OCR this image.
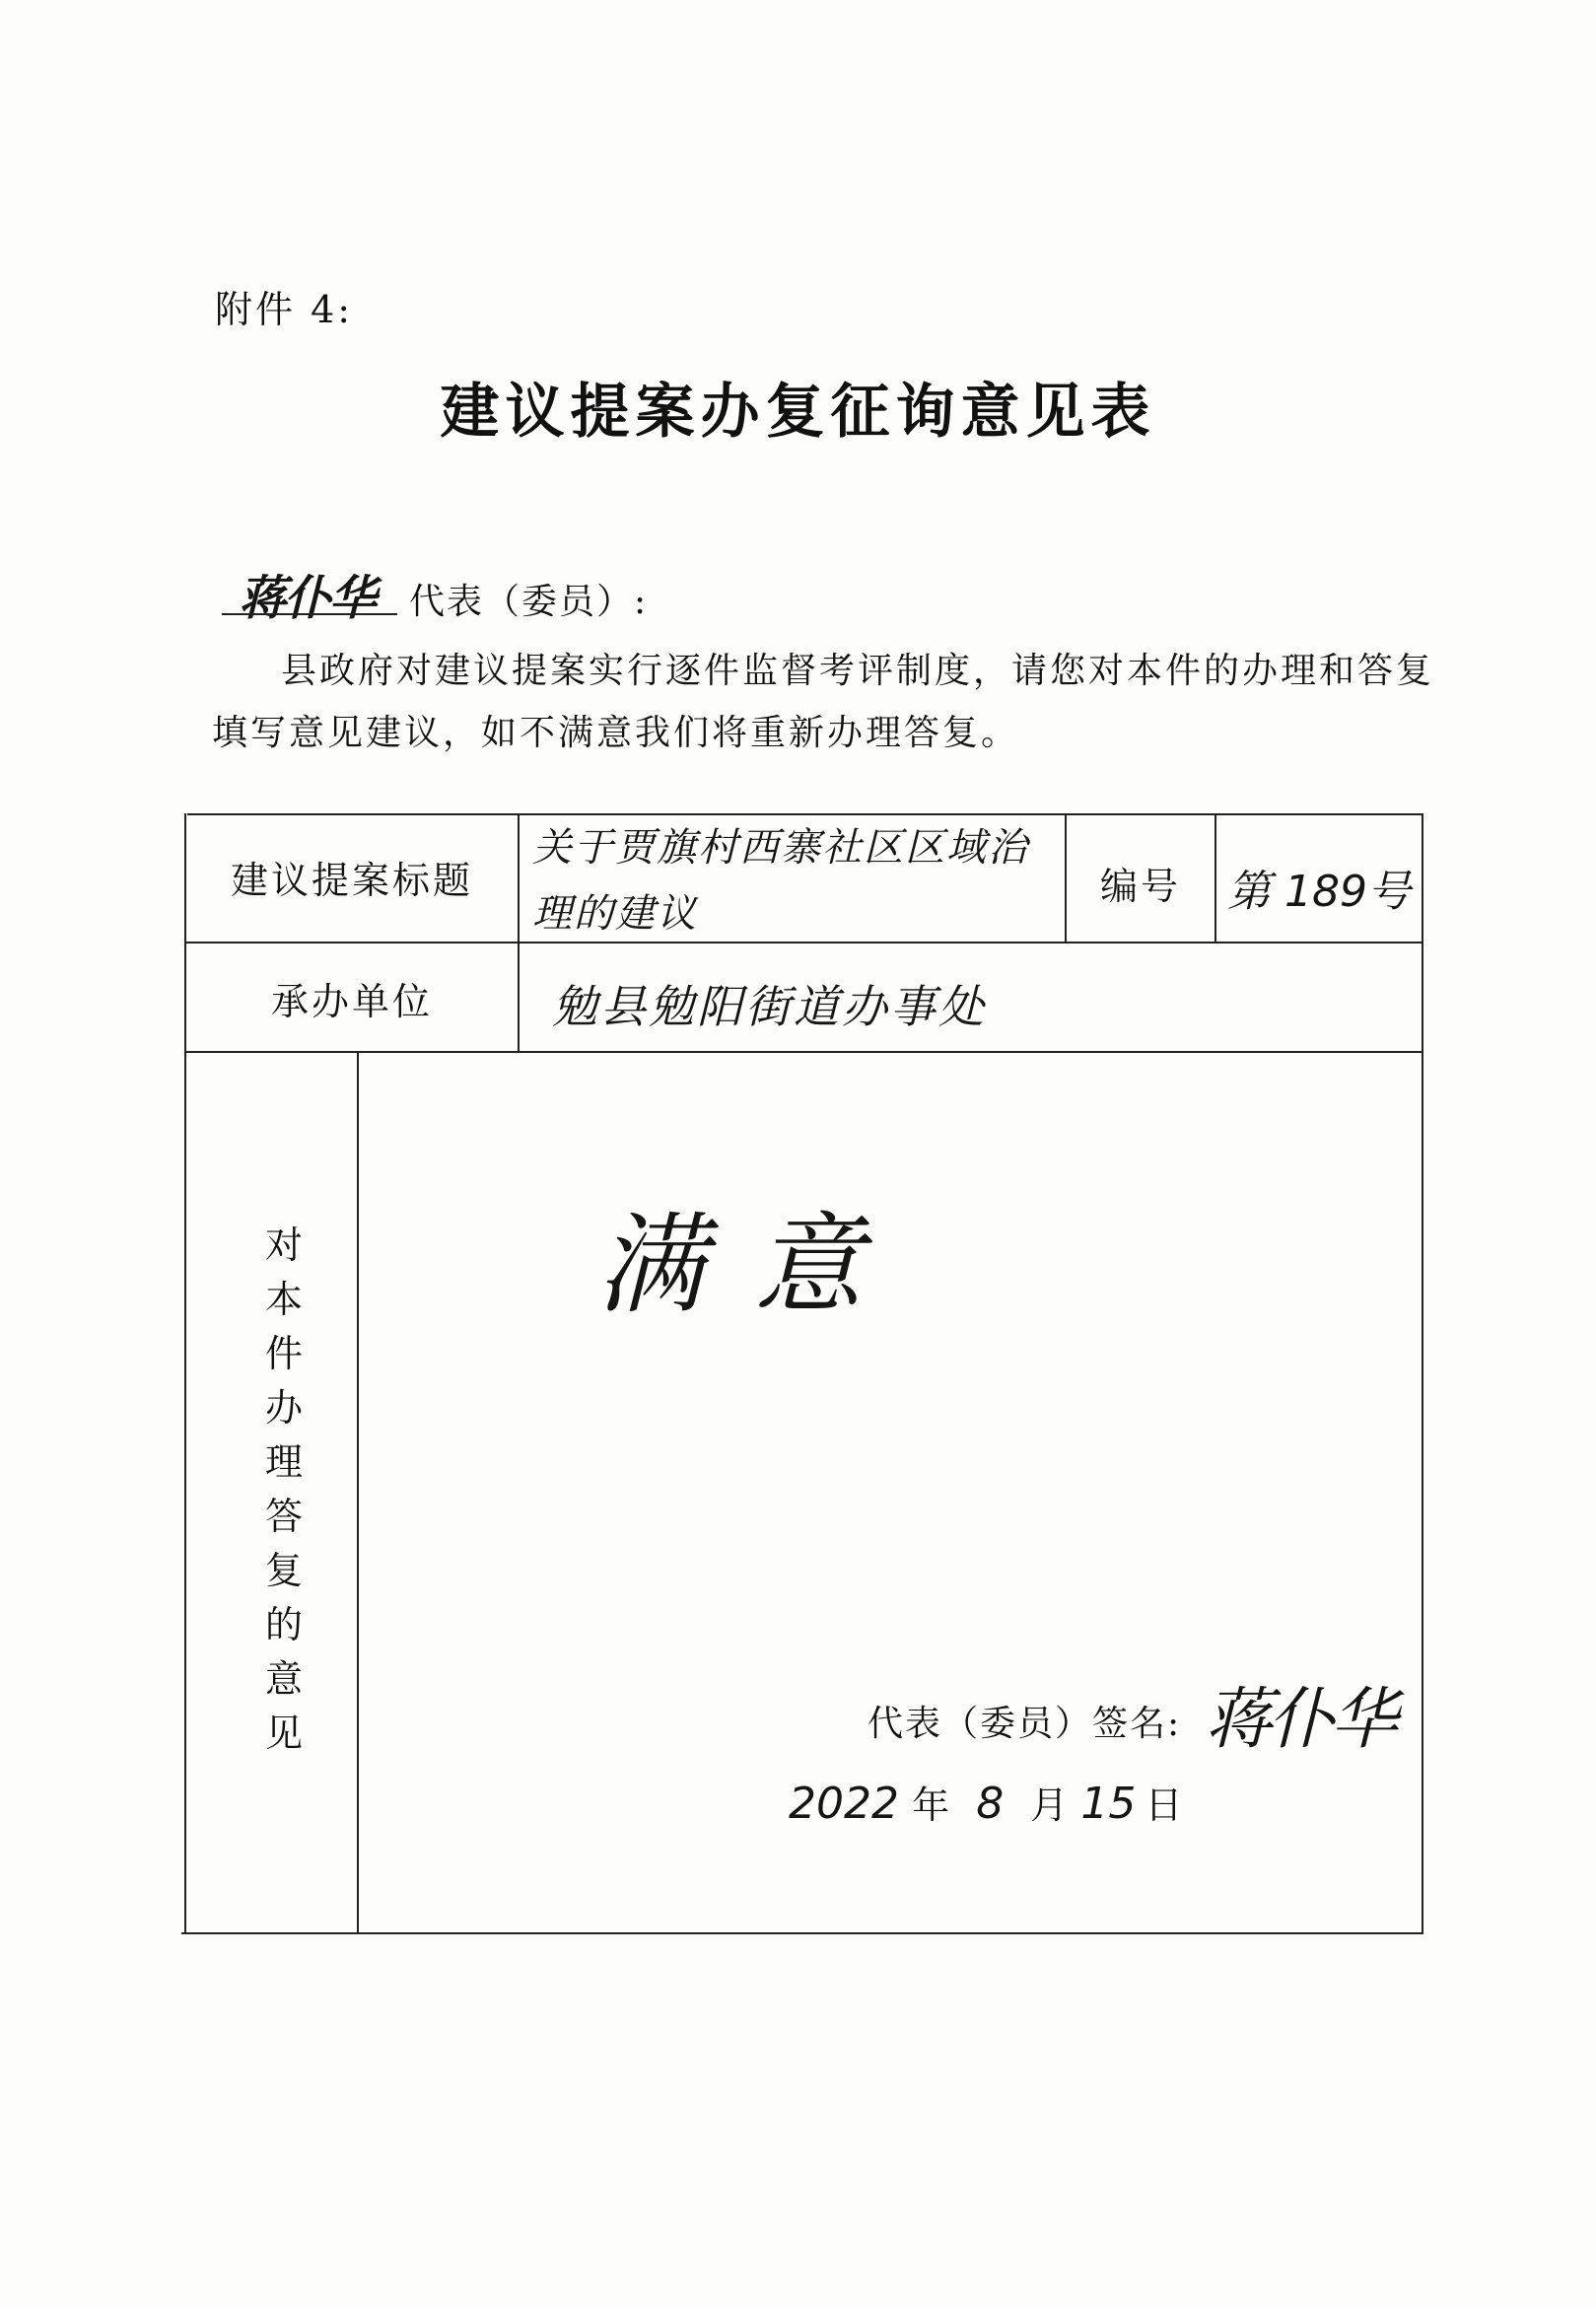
附件 4:
建议提案办复征询意见表
蒋仆华 代表（委员）:
县政府对建议提案实行逐件监督考评制度，请您对本件的办理和答复
填写意见建议，如不满意我们将重新办理答复。
建议提案标题
关于贾旗村西寨社区区域治
理的建议
编号	第 189号
承办单位	勉县勉阳街道办事处
对本件办理答复的意见
满意
代表（委员）签名: 蒋仆华
2022 年 8 月 15 日
